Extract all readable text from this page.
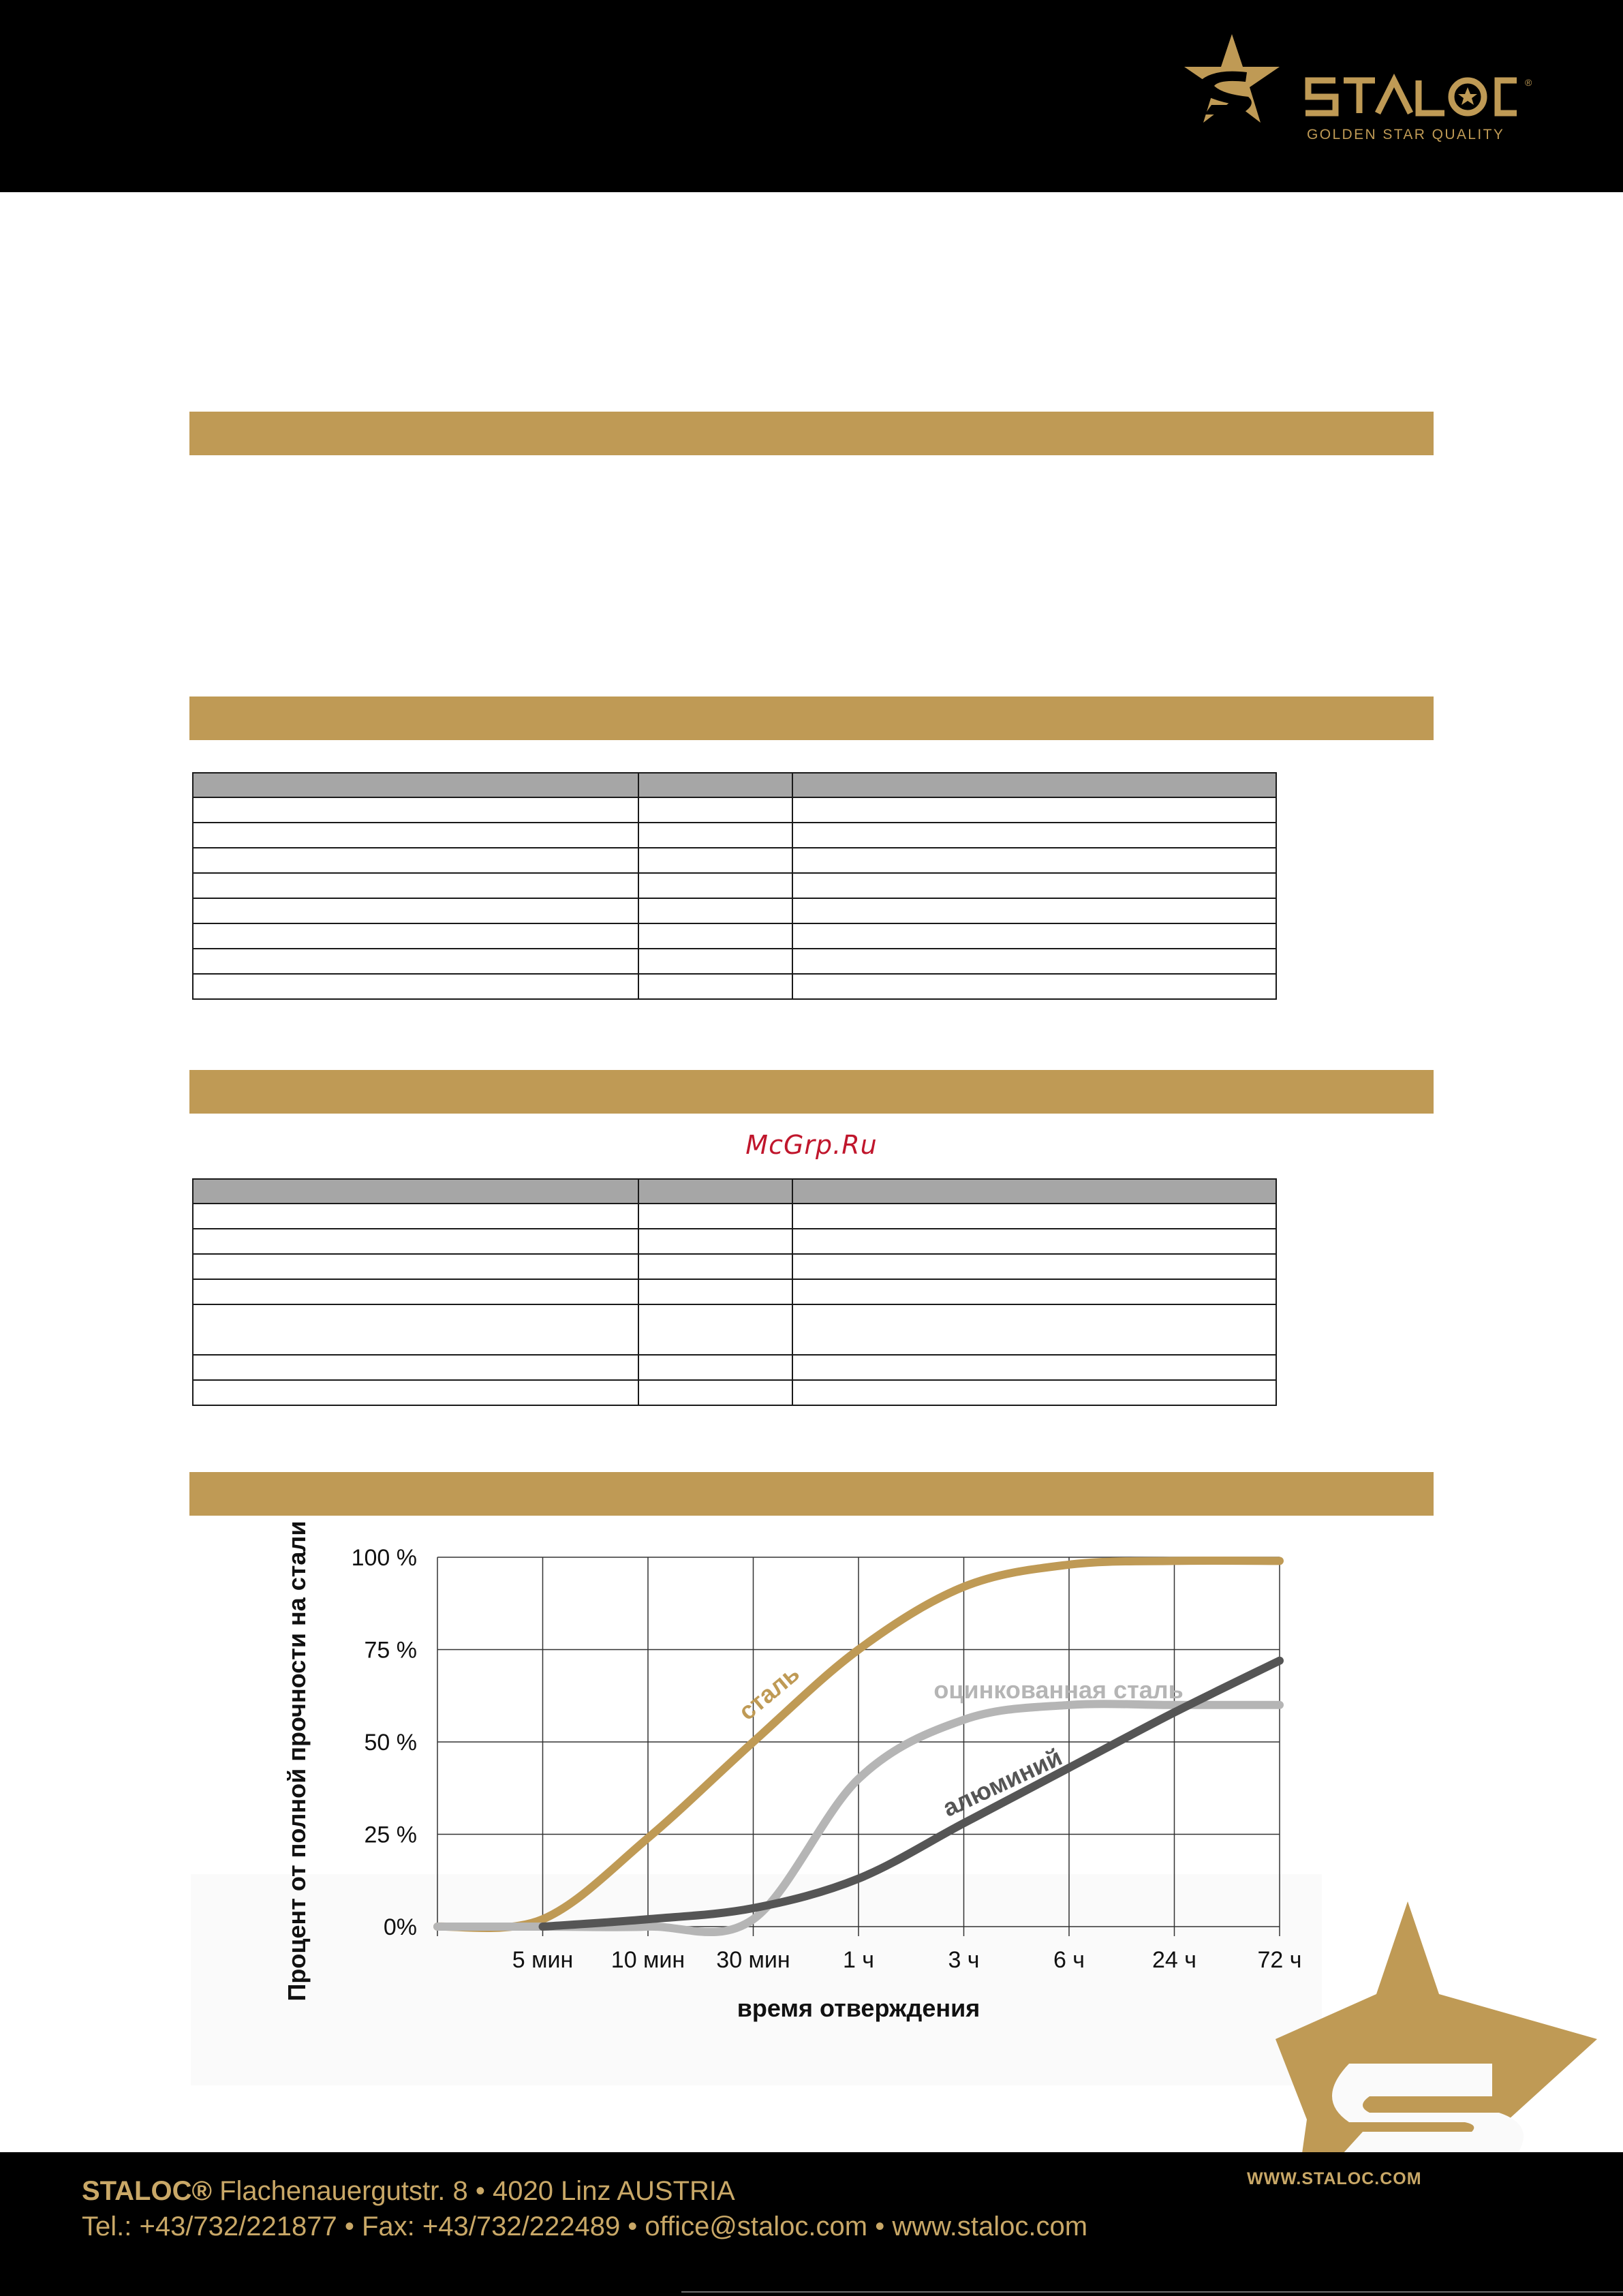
®
GOLDEN STAR QUALITY

McGrp.Ru

0%
25 %
50 %
75 %
100 %
5 мин 10 мин 30 мин 1 ч	3 ч	6 ч	24 ч	72 ч
время отверждения
Процент от полной прочности на стали	сталь	оцинкованная сталь
алюминий
STALOC® Flachenauergutstr. 8 • 4020 Linz AUSTRIA
Tel.: +43/732/221877 • Fax: +43/732/222489 • office@staloc.com • www.staloc.com
WWW.STALOC.COM
